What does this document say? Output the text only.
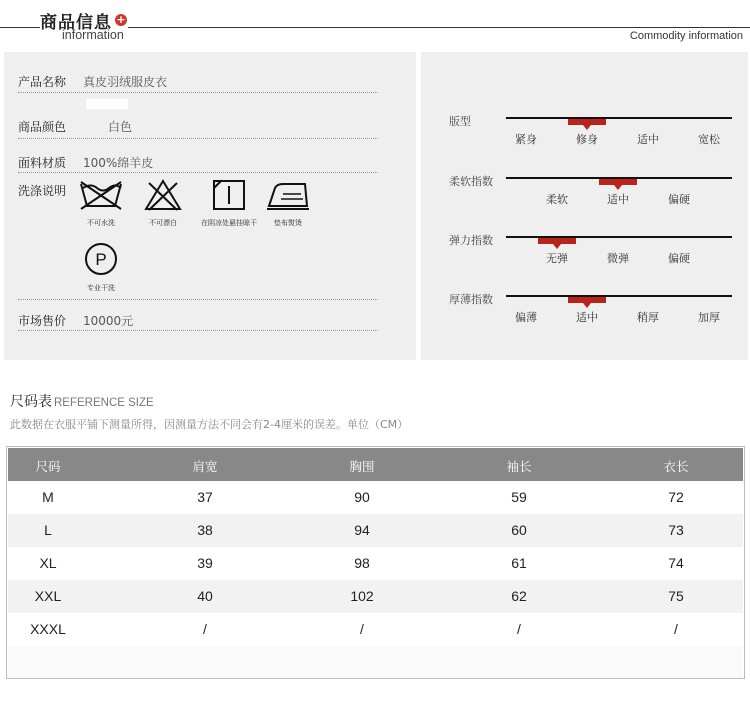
商品信息 +
information	Commodity information
产品名称 真皮羽绒服皮衣
商品颜色	白色
面料材质 100%绵羊皮
洗涤说明
不可水洗	不可漂白	在阴凉处悬挂晾干	垫布熨烫
P
专业干洗
市场售价 10000元
版型
紧身	修身	适中	宽松
柔软指数
柔软	适中	偏硬
弹力指数
无弹	微弹	偏硬
厚薄指数
偏薄	适中	稍厚	加厚
尺码表 REFERENCE SIZE
此数据在衣服平铺下测量所得，因测量方法不同会有2-4厘米的误差。单位（CM）
尺码	肩宽	胸围	袖长	衣长
M	37	90	59	72
L	38	94	60	73
XL	39	98	61	74
XXL	40	102	62	75
XXXL	/	/	/	/
